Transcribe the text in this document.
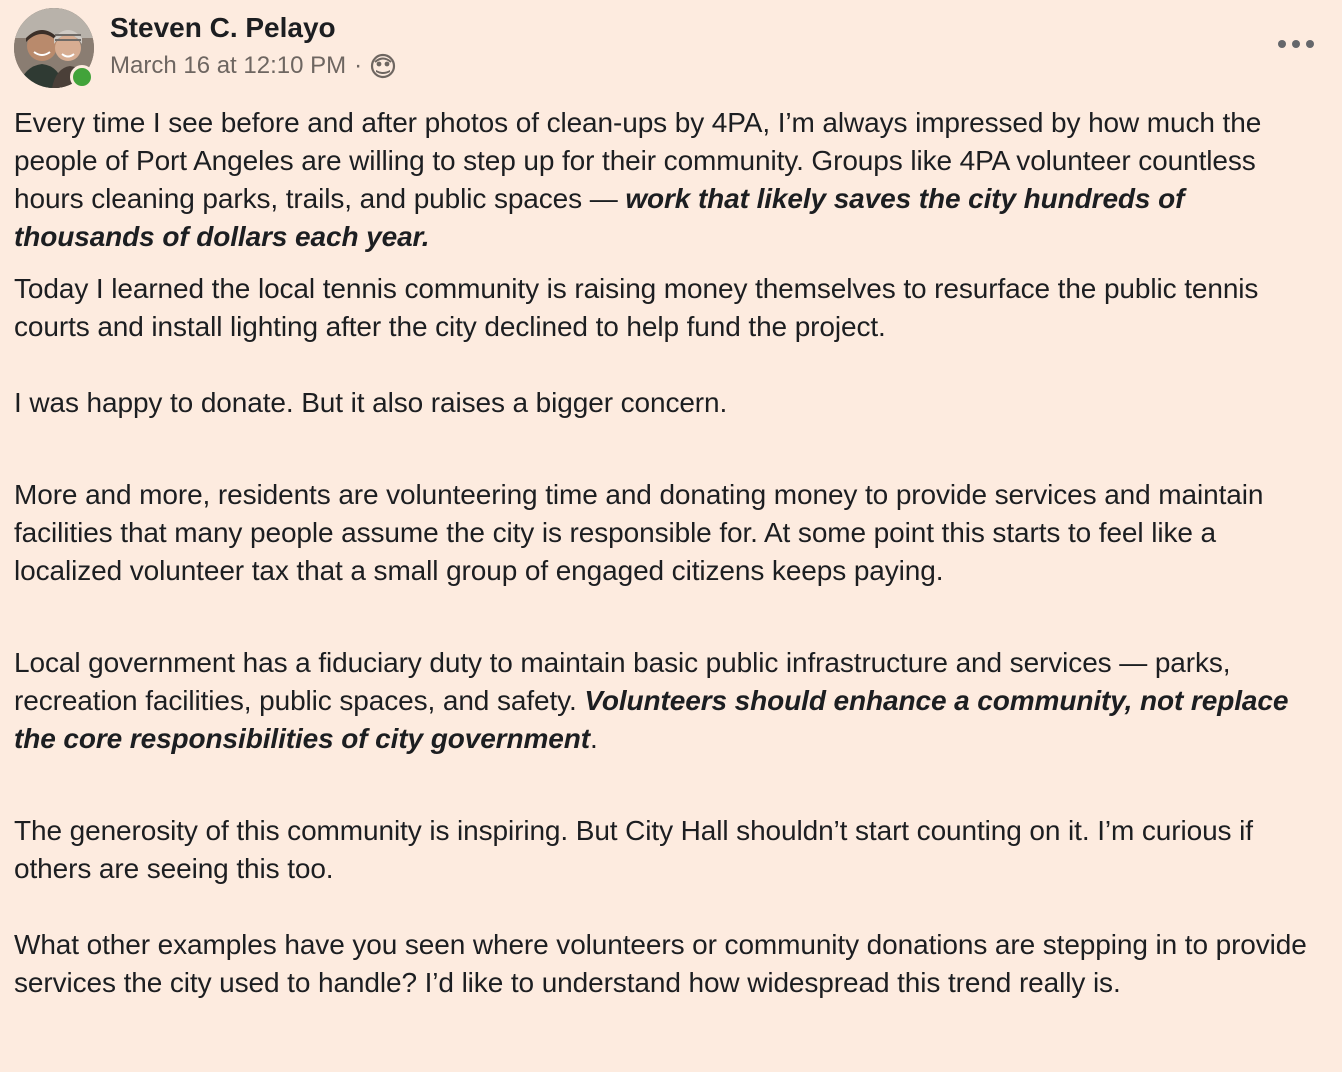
Steven C. Pelayo
March 16 at 12:10 PM ·

Every time I see before and after photos of clean-ups by 4PA, I’m always impressed by how much the people of Port Angeles are willing to step up for their community. Groups like 4PA volunteer countless hours cleaning parks, trails, and public spaces — work that likely saves the city hundreds of thousands of dollars each year.

Today I learned the local tennis community is raising money themselves to resurface the public tennis courts and install lighting after the city declined to help fund the project.

I was happy to donate. But it also raises a bigger concern.

More and more, residents are volunteering time and donating money to provide services and maintain facilities that many people assume the city is responsible for. At some point this starts to feel like a localized volunteer tax that a small group of engaged citizens keeps paying.

Local government has a fiduciary duty to maintain basic public infrastructure and services — parks, recreation facilities, public spaces, and safety. Volunteers should enhance a community, not replace the core responsibilities of city government.

The generosity of this community is inspiring. But City Hall shouldn’t start counting on it. I’m curious if others are seeing this too.

What other examples have you seen where volunteers or community donations are stepping in to provide services the city used to handle? I’d like to understand how widespread this trend really is.
